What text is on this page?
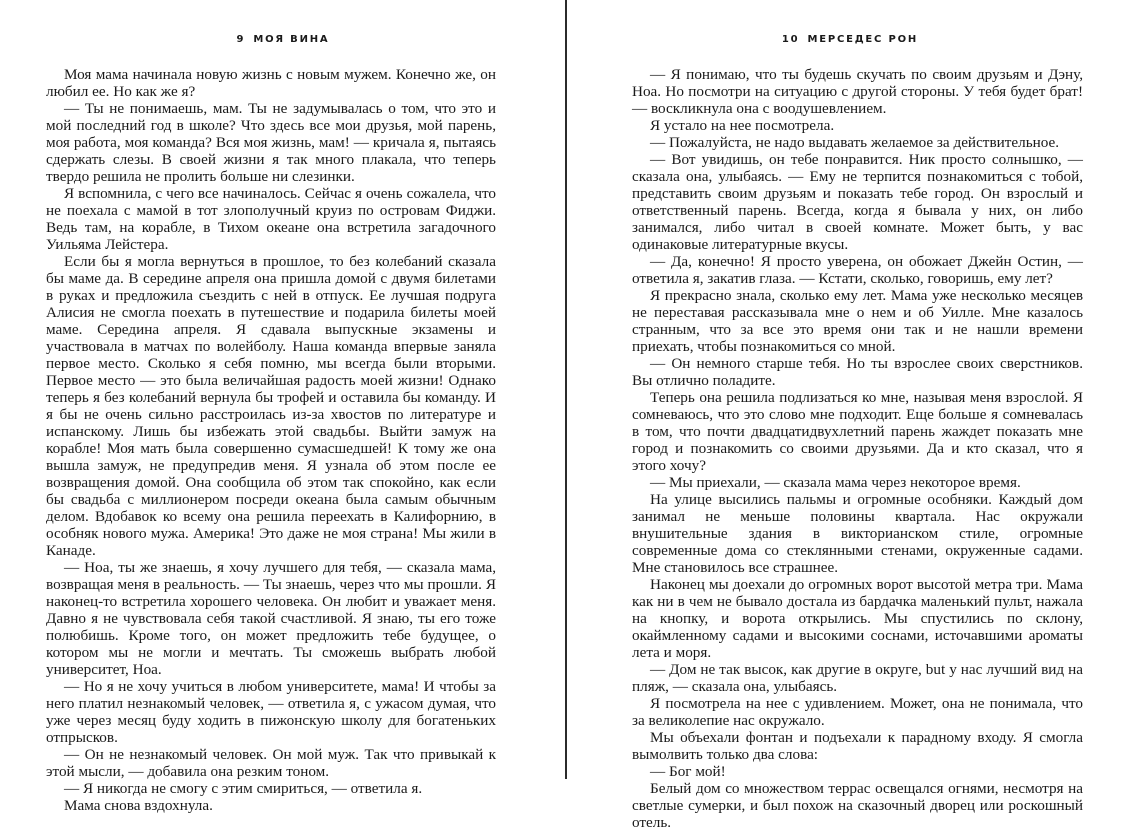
9 МОЯ ВИНА

Моя мама начинала новую жизнь с новым мужем. Конечно же, он любил ее. Но как же я?

— Ты не понимаешь, мам. Ты не задумывалась о том, что это и мой последний год в школе? Что здесь все мои друзья, мой парень, моя работа, моя команда? Вся моя жизнь, мам! — кричала я, пытаясь сдержать слезы. В своей жизни я так много плакала, что теперь твердо решила не пролить больше ни слезинки.

Я вспомнила, с чего все начиналось. Сейчас я очень сожалела, что не поехала с мамой в тот злополучный круиз по островам Фиджи. Ведь там, на корабле, в Тихом океане она встретила загадочного Уильяма Лейстера.

Если бы я могла вернуться в прошлое, то без колебаний сказала бы маме да. В середине апреля она пришла домой с двумя билетами в руках и предложила съездить с ней в отпуск. Ее лучшая подруга Алисия не смогла поехать в путешествие и подарила билеты моей маме. Середина апреля. Я сдавала выпускные экзамены и участвовала в матчах по волейболу. Наша команда впервые заняла первое место. Сколько я себя помню, мы всегда были вторыми. Первое место — это была величайшая радость моей жизни! Однако теперь я без колебаний вернула бы трофей и оставила бы команду. И я бы не очень сильно расстроилась из-за хвостов по литературе и испанскому. Лишь бы избежать этой свадьбы. Выйти замуж на корабле! Моя мать была совершенно сумасшедшей! К тому же она вышла замуж, не предупредив меня. Я узнала об этом после ее возвращения домой. Она сообщила об этом так спокойно, как если бы свадьба с миллионером посреди океана была самым обычным делом. Вдобавок ко всему она решила переехать в Калифорнию, в особняк нового мужа. Америка! Это даже не моя страна! Мы жили в Канаде.

— Ноа, ты же знаешь, я хочу лучшего для тебя, — сказала мама, возвращая меня в реальность. — Ты знаешь, через что мы прошли. Я наконец-то встретила хорошего человека. Он любит и уважает меня. Давно я не чувствовала себя такой счастливой. Я знаю, ты его тоже полюбишь. Кроме того, он может предложить тебе будущее, о котором мы не могли и мечтать. Ты сможешь выбрать любой университет, Ноа.

— Но я не хочу учиться в любом университете, мама! И чтобы за него платил незнакомый человек, — ответила я, с ужасом думая, что уже через месяц буду ходить в пижонскую школу для богатеньких отпрысков.

— Он не незнакомый человек. Он мой муж. Так что привыкай к этой мысли, — добавила она резким тоном.

— Я никогда не смогу с этим смириться, — ответила я.

Мама снова вздохнула.

10 МЕРСЕДЕС РОН

— Я понимаю, что ты будешь скучать по своим друзьям и Дэну, Ноа. Но посмотри на ситуацию с другой стороны. У тебя будет брат! — воскликнула она с воодушевлением.

Я устало на нее посмотрела.

— Пожалуйста, не надо выдавать желаемое за действительное.

— Вот увидишь, он тебе понравится. Ник просто солнышко, — сказала она, улыбаясь. — Ему не терпится познакомиться с тобой, представить своим друзьям и показать тебе город. Он взрослый и ответственный парень. Всегда, когда я бывала у них, он либо занимался, либо читал в своей комнате. Может быть, у вас одинаковые литературные вкусы.

— Да, конечно! Я просто уверена, он обожает Джейн Остин, — ответила я, закатив глаза. — Кстати, сколько, говоришь, ему лет?

Я прекрасно знала, сколько ему лет. Мама уже несколько месяцев не переставая рассказывала мне о нем и об Уилле. Мне казалось странным, что за все это время они так и не нашли времени приехать, чтобы познакомиться со мной.

— Он немного старше тебя. Но ты взрослее своих сверстников. Вы отлично поладите.

Теперь она решила подлизаться ко мне, называя меня взрослой. Я сомневаюсь, что это слово мне подходит. Еще больше я сомневалась в том, что почти двадцатидвухлетний парень жаждет показать мне город и познакомить со своими друзьями. Да и кто сказал, что я этого хочу?

— Мы приехали, — сказала мама через некоторое время.

На улице высились пальмы и огромные особняки. Каждый дом занимал не меньше половины квартала. Нас окружали внушительные здания в викторианском стиле, огромные современные дома со стеклянными стенами, окруженные садами. Мне становилось все страшнее.

Наконец мы доехали до огромных ворот высотой метра три. Мама как ни в чем не бывало достала из бардачка маленький пульт, нажала на кнопку, и ворота открылись. Мы спустились по склону, окаймленному садами и высокими соснами, источавшими ароматы лета и моря.

— Дом не так высок, как другие в округе, but у нас лучший вид на пляж, — сказала она, улыбаясь.

Я посмотрела на нее с удивлением. Может, она не понимала, что за великолепие нас окружало.

Мы объехали фонтан и подъехали к парадному входу. Я смогла вымолвить только два слова:

— Бог мой!

Белый дом со множеством террас освещался огнями, несмотря на светлые сумерки, и был похож на сказочный дворец или роскошный отель.
